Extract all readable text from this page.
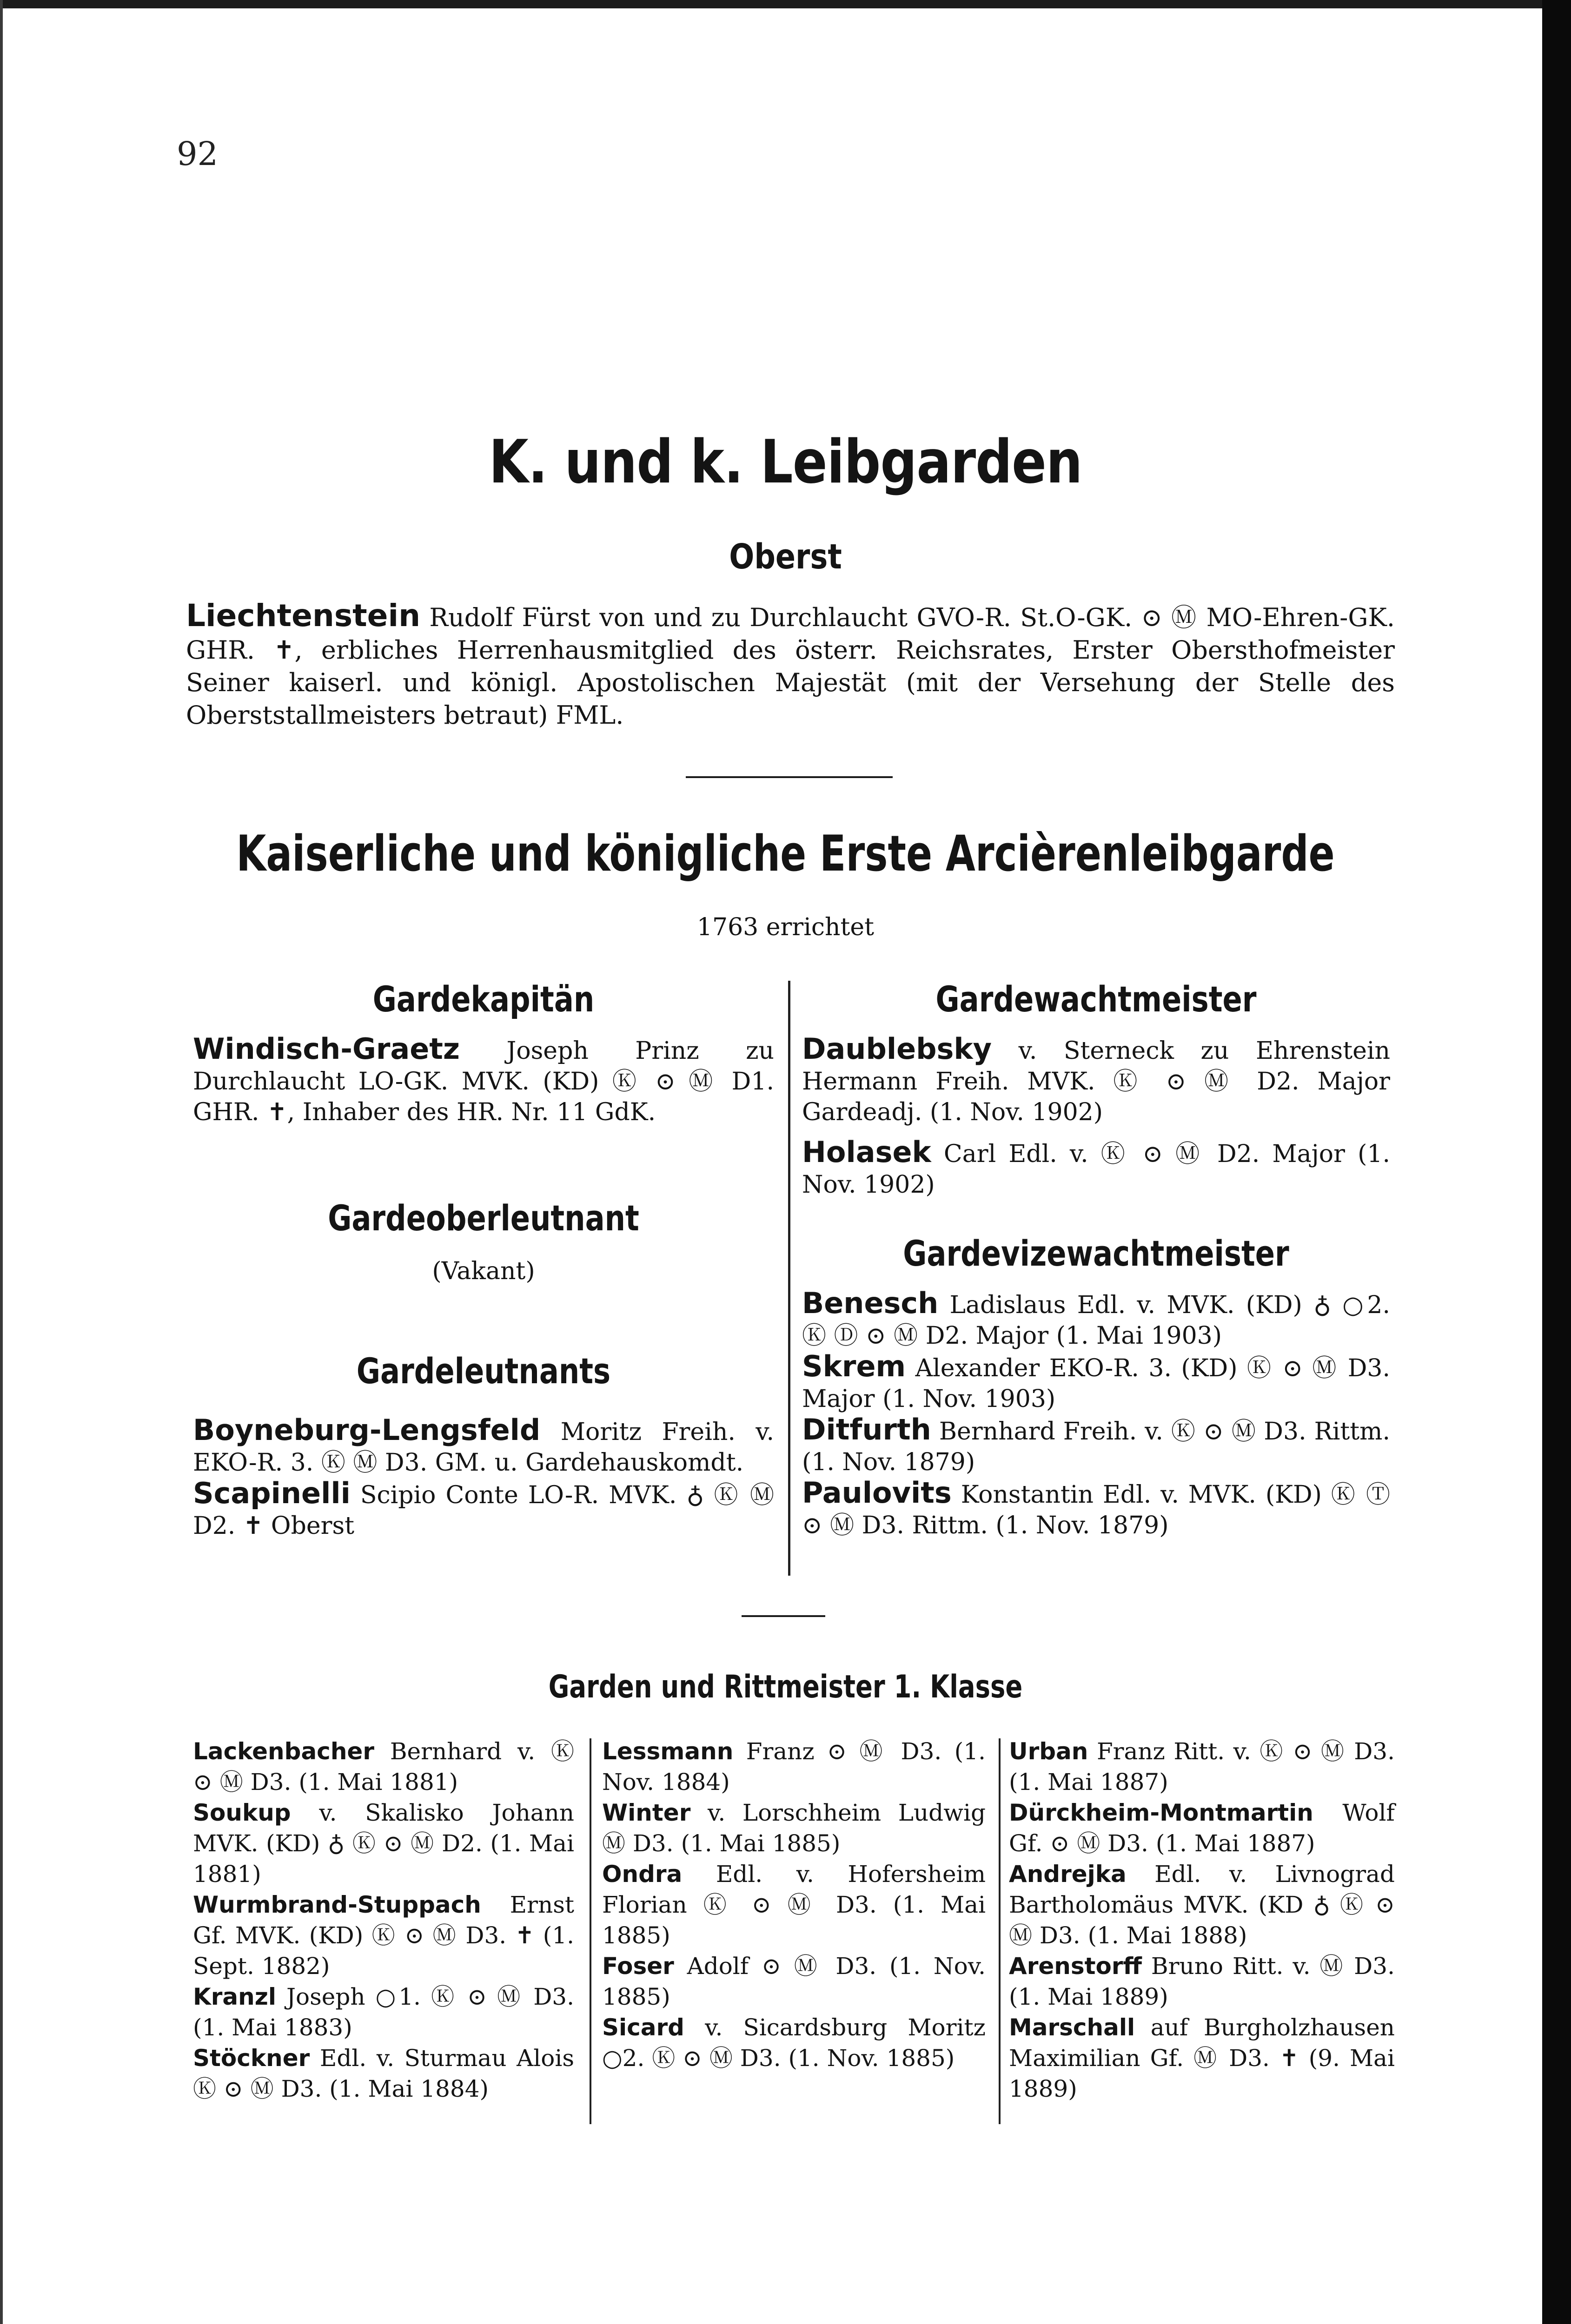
92
K. und k. Leibgarden
Oberst
Liechtenstein Rudolf Fürst von und zu Durchlaucht GVO-R. St.O-GK. ⊙ Ⓜ MO-Ehren-GK. GHR. ✝, erbliches Herrenhausmitglied des österr. Reichsrates, Erster Obersthofmeister Seiner kaiserl. und königl. Apostolischen Majestät (mit der Versehung der Stelle des Oberststallmeisters betraut) FML.
Kaiserliche und königliche Erste Arcièrenleibgarde
1763 errichtet
Gardekapitän
Windisch-Graetz Joseph Prinz zu Durchlaucht LO-GK. MVK. (KD) Ⓚ ⊙ Ⓜ D1. GHR. ✝, Inhaber des HR. Nr. 11 GdK.
Gardeoberleutnant
(Vakant)
Gardeleutnants
Boyneburg-Lengsfeld Moritz Freih. v. EKO-R. 3. Ⓚ Ⓜ D3. GM. u. Gardehauskomdt.
Scapinelli Scipio Conte LO-R. MVK. ♁ Ⓚ Ⓜ D2. ✝ Oberst
Gardewachtmeister
Daublebsky v. Sterneck zu Ehrenstein Hermann Freih. MVK. Ⓚ ⊙ Ⓜ D2. Major Gardeadj. (1. Nov. 1902)
Holasek Carl Edl. v. Ⓚ ⊙ Ⓜ D2. Major (1. Nov. 1902)
Gardevizewachtmeister
Benesch Ladislaus Edl. v. MVK. (KD) ♁ ○2. Ⓚ Ⓓ ⊙ Ⓜ D2. Major (1. Mai 1903)
Skrem Alexander EKO-R. 3. (KD) Ⓚ ⊙ Ⓜ D3. Major (1. Nov. 1903)
Ditfurth Bernhard Freih. v. Ⓚ ⊙ Ⓜ D3. Rittm. (1. Nov. 1879)
Paulovits Konstantin Edl. v. MVK. (KD) Ⓚ Ⓣ ⊙ Ⓜ D3. Rittm. (1. Nov. 1879)
Garden und Rittmeister 1. Klasse
Lackenbacher Bernhard v. Ⓚ ⊙ Ⓜ D3. (1. Mai 1881)
Soukup v. Skalisko Johann MVK. (KD) ♁ Ⓚ ⊙ Ⓜ D2. (1. Mai 1881)
Wurmbrand-Stuppach Ernst Gf. MVK. (KD) Ⓚ ⊙ Ⓜ D3. ✝ (1. Sept. 1882)
Kranzl Joseph ○1. Ⓚ ⊙ Ⓜ D3. (1. Mai 1883)
Stöckner Edl. v. Sturmau Alois Ⓚ ⊙ Ⓜ D3. (1. Mai 1884)
Lessmann Franz ⊙ Ⓜ D3. (1. Nov. 1884)
Winter v. Lorschheim Ludwig Ⓜ D3. (1. Mai 1885)
Ondra Edl. v. Hofersheim Florian Ⓚ ⊙ Ⓜ D3. (1. Mai 1885)
Foser Adolf ⊙ Ⓜ D3. (1. Nov. 1885)
Sicard v. Sicardsburg Moritz ○2. Ⓚ ⊙ Ⓜ D3. (1. Nov. 1885)
Urban Franz Ritt. v. Ⓚ ⊙ Ⓜ D3. (1. Mai 1887)
Dürckheim-Montmartin Wolf Gf. ⊙ Ⓜ D3. (1. Mai 1887)
Andrejka Edl. v. Livnograd Bartholomäus MVK. (KD ♁ Ⓚ ⊙ Ⓜ D3. (1. Mai 1888)
Arenstorff Bruno Ritt. v. Ⓜ D3. (1. Mai 1889)
Marschall auf Burgholzhausen Maximilian Gf. Ⓜ D3. ✝ (9. Mai 1889)
